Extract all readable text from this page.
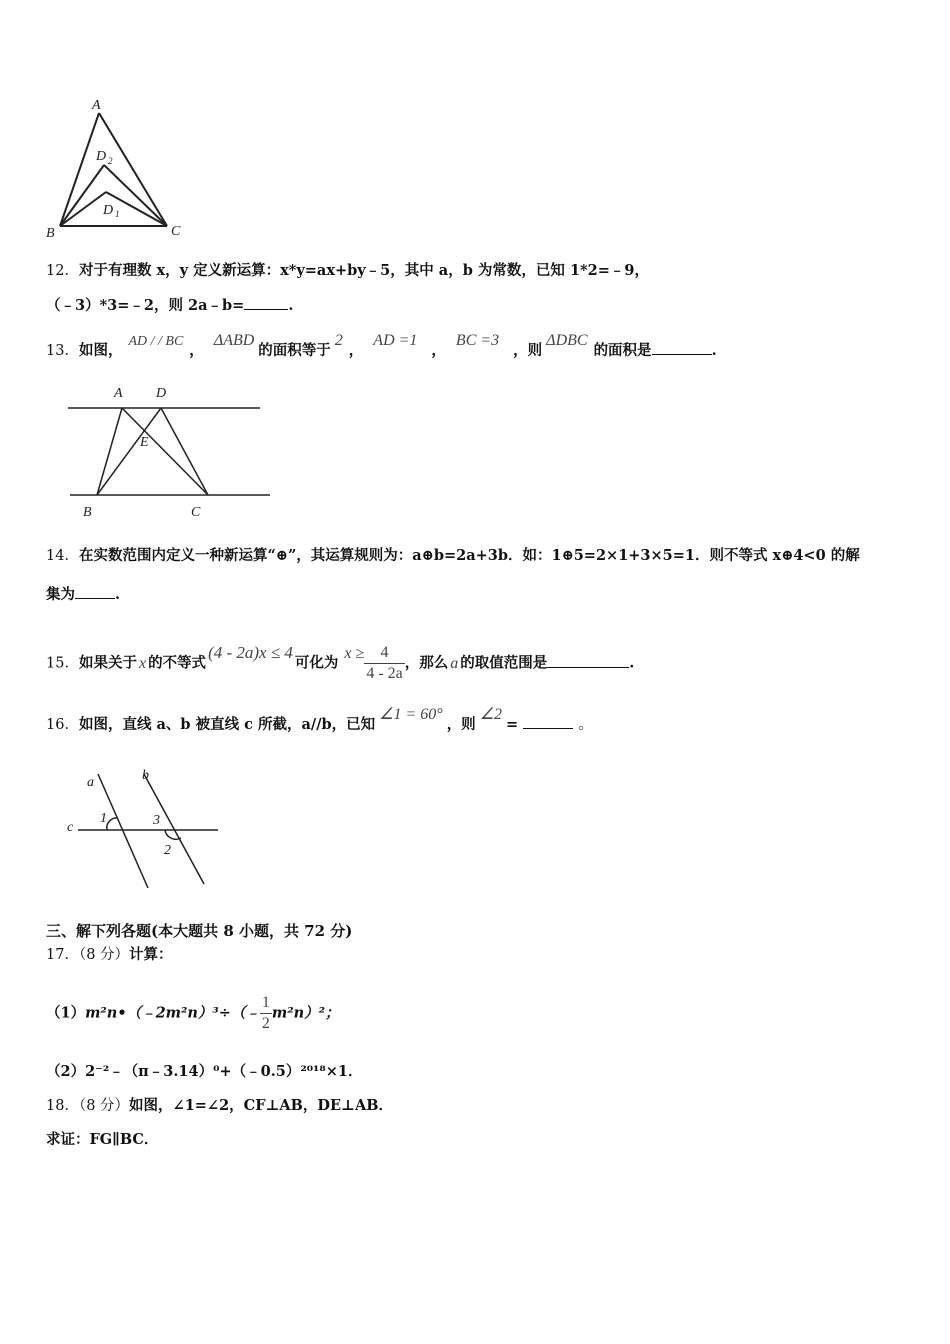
A
B	C
D 2
D 1
12．对于有理数 x，y 定义新运算：x*y=ax+by﹣5，其中 a，b 为常数，已知 1*2=﹣9，
（﹣3）*3=﹣2，则 2a﹣b=	.
13．如图，AD / / BC，ΔABD的面积等于2，AD =1，BC =3，则ΔDBC的面积是	.
A D
E
B	C
14．在实数范围内定义一种新运算“⊕”，其运算规则为：a⊕b=2a+3b．如：1⊕5=2×1+3×5=1．则不等式 x⊕4<0 的解
集为	.
15．如果关于 x 的不等式(4 - 2a)x ≤ 4可化为$x \ge \frac{4}{4 - 2a}$ ，那么 a 的取值范围是	.
16．如图，直线 a、b 被直线 c 所截，a//b，已知∠1 = 60°，则∠2=	。
a	b
c
1	3
2
三、解下列各题(本大题共 8 小题，共 72 分)
17．（8 分）计算：
（1）m²n•（﹣2m²n）³÷（﹣ $\frac{1}{2} m^2n)^2$；
（2）2⁻²﹣（π﹣3.14）⁰+（﹣0.5）²⁰¹⁸×1．
18．（8 分）如图，∠1=∠2，CF⊥AB，DE⊥AB．
求证：FG∥BC．
